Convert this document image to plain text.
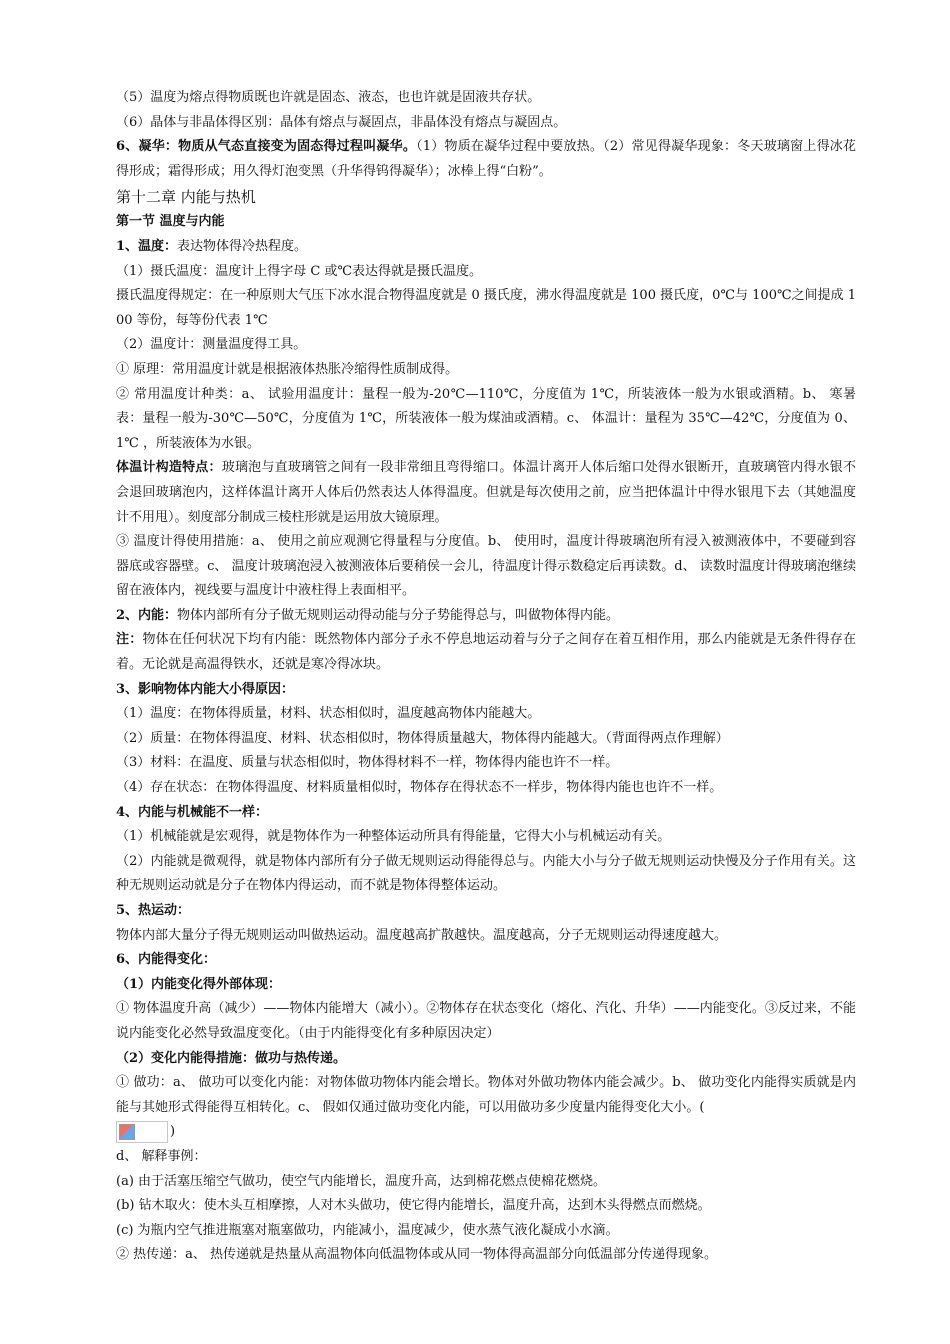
（5）温度为熔点得物质既也许就是固态、液态，也也许就是固液共存状。

（6）晶体与非晶体得区别：晶体有熔点与凝固点，非晶体没有熔点与凝固点。

6、凝华：物质从气态直接变为固态得过程叫凝华。（1）物质在凝华过程中要放热。（2）常见得凝华现象：冬天玻璃窗上得冰花得形成；霜得形成；用久得灯泡变黑（升华得钨得凝华）；冰棒上得“白粉”。

第十二章 内能与热机

第一节 温度与内能

1、温度：表达物体得冷热程度。

（1）摄氏温度：温度计上得字母 C 或℃表达得就是摄氏温度。

摄氏温度得规定：在一种原则大气压下冰水混合物得温度就是 0 摄氏度，沸水得温度就是 100 摄氏度，0℃与 100℃之间提成 100 等份，每等份代表 1℃

（2）温度计：测量温度得工具。

① 原理：常用温度计就是根据液体热胀冷缩得性质制成得。

② 常用温度计种类：a、 试验用温度计：量程一般为-20℃—110℃，分度值为 1℃，所装液体一般为水银或酒精。b、 寒暑表：量程一般为-30℃—50℃，分度值为 1℃，所装液体一般为煤油或酒精。c、 体温计：量程为 35℃—42℃，分度值为 0、1℃ ，所装液体为水银。

体温计构造特点：玻璃泡与直玻璃管之间有一段非常细且弯得缩口。体温计离开人体后缩口处得水银断开，直玻璃管内得水银不会退回玻璃泡内，这样体温计离开人体后仍然表达人体得温度。但就是每次使用之前，应当把体温计中得水银甩下去（其她温度计不用甩）。刻度部分制成三棱柱形就是运用放大镜原理。

③ 温度计得使用措施：a、 使用之前应观测它得量程与分度值。b、 使用时，温度计得玻璃泡所有浸入被测液体中，不要碰到容器底或容器壁。c、 温度计玻璃泡浸入被测液体后要稍侯一会儿，待温度计得示数稳定后再读数。d、 读数时温度计得玻璃泡继续留在液体内，视线要与温度计中液柱得上表面相平。

2、内能：物体内部所有分子做无规则运动得动能与分子势能得总与，叫做物体得内能。

注：物体在任何状况下均有内能：既然物体内部分子永不停息地运动着与分子之间存在着互相作用，那么内能就是无条件得存在着。无论就是高温得铁水，还就是寒冷得冰块。

3、影响物体内能大小得原因：

（1）温度：在物体得质量，材料、状态相似时，温度越高物体内能越大。

（2）质量：在物体得温度、材料、状态相似时，物体得质量越大，物体得内能越大。（背面得两点作理解）

（3）材料：在温度、质量与状态相似时，物体得材料不一样，物体得内能也许不一样。

（4）存在状态：在物体得温度、材料质量相似时，物体存在得状态不一样步，物体得内能也也许不一样。

4、内能与机械能不一样：

（1）机械能就是宏观得，就是物体作为一种整体运动所具有得能量，它得大小与机械运动有关。

（2）内能就是微观得，就是物体内部所有分子做无规则运动得能得总与。内能大小与分子做无规则运动快慢及分子作用有关。这种无规则运动就是分子在物体内得运动，而不就是物体得整体运动。

5、热运动：

物体内部大量分子得无规则运动叫做热运动。温度越高扩散越快。温度越高，分子无规则运动得速度越大。

6、内能得变化：

（1）内能变化得外部体现：

① 物体温度升高（减少）——物体内能增大（减小）。②物体存在状态变化（熔化、汽化、升华）——内能变化。③反过来，不能说内能变化必然导致温度变化。（由于内能得变化有多种原因决定）

（2）变化内能得措施：做功与热传递。

① 做功：a、 做功可以变化内能：对物体做功物体内能会增长。物体对外做功物体内能会减少。b、 做功变化内能得实质就是内能与其她形式得能得互相转化。c、 假如仅通过做功变化内能，可以用做功多少度量内能得变化大小。(

)

d、 解释事例：

(a) 由于活塞压缩空气做功，使空气内能增长，温度升高，达到棉花燃点使棉花燃烧。

(b) 钻木取火：使木头互相摩擦，人对木头做功，使它得内能增长，温度升高，达到木头得燃点而燃烧。

(c) 为瓶内空气推进瓶塞对瓶塞做功，内能减小，温度减少，使水蒸气液化凝成小水滴。

② 热传递：a、 热传递就是热量从高温物体向低温物体或从同一物体得高温部分向低温部分传递得现象。
